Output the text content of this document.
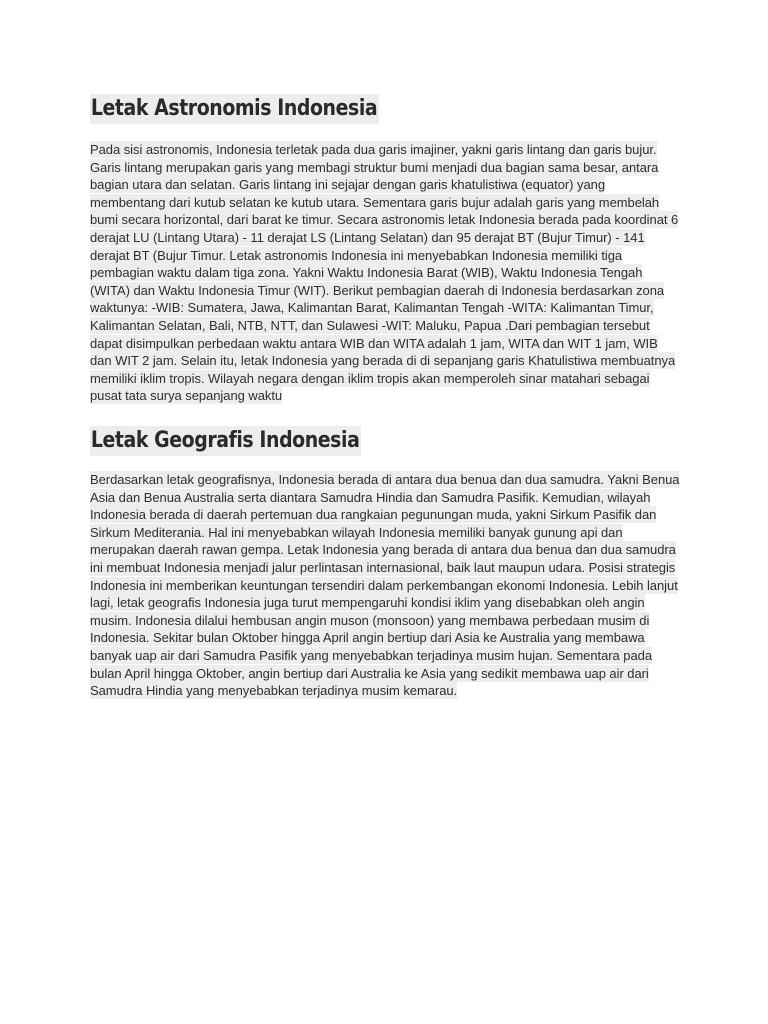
Letak Astronomis Indonesia

Pada sisi astronomis, Indonesia terletak pada dua garis imajiner, yakni garis lintang dan garis bujur. Garis lintang merupakan garis yang membagi struktur bumi menjadi dua bagian sama besar, antara bagian utara dan selatan. Garis lintang ini sejajar dengan garis khatulistiwa (equator) yang membentang dari kutub selatan ke kutub utara. Sementara garis bujur adalah garis yang membelah bumi secara horizontal, dari barat ke timur. Secara astronomis letak Indonesia berada pada koordinat 6 derajat LU (Lintang Utara) - 11 derajat LS (Lintang Selatan) dan 95 derajat BT (Bujur Timur) - 141 derajat BT (Bujur Timur. Letak astronomis Indonesia ini menyebabkan Indonesia memiliki tiga pembagian waktu dalam tiga zona. Yakni Waktu Indonesia Barat (WIB), Waktu Indonesia Tengah (WITA) dan Waktu Indonesia Timur (WIT). Berikut pembagian daerah di Indonesia berdasarkan zona waktunya: -WIB: Sumatera, Jawa, Kalimantan Barat, Kalimantan Tengah -WITA: Kalimantan Timur, Kalimantan Selatan, Bali, NTB, NTT, dan Sulawesi -WIT: Maluku, Papua .Dari pembagian tersebut dapat disimpulkan perbedaan waktu antara WIB dan WITA adalah 1 jam, WITA dan WIT 1 jam, WIB dan WIT 2 jam. Selain itu, letak Indonesia yang berada di di sepanjang garis Khatulistiwa membuatnya memiliki iklim tropis. Wilayah negara dengan iklim tropis akan memperoleh sinar matahari sebagai pusat tata surya sepanjang waktu

Letak Geografis Indonesia

Berdasarkan letak geografisnya, Indonesia berada di antara dua benua dan dua samudra. Yakni Benua Asia dan Benua Australia serta diantara Samudra Hindia dan Samudra Pasifik. Kemudian, wilayah Indonesia berada di daerah pertemuan dua rangkaian pegunungan muda, yakni Sirkum Pasifik dan Sirkum Mediterania. Hal ini menyebabkan wilayah Indonesia memiliki banyak gunung api dan merupakan daerah rawan gempa. Letak Indonesia yang berada di antara dua benua dan dua samudra ini membuat Indonesia menjadi jalur perlintasan internasional, baik laut maupun udara. Posisi strategis Indonesia ini memberikan keuntungan tersendiri dalam perkembangan ekonomi Indonesia. Lebih lanjut lagi, letak geografis Indonesia juga turut mempengaruhi kondisi iklim yang disebabkan oleh angin musim. Indonesia dilalui hembusan angin muson (monsoon) yang membawa perbedaan musim di Indonesia. Sekitar bulan Oktober hingga April angin bertiup dari Asia ke Australia yang membawa banyak uap air dari Samudra Pasifik yang menyebabkan terjadinya musim hujan. Sementara pada bulan April hingga Oktober, angin bertiup dari Australia ke Asia yang sedikit membawa uap air dari Samudra Hindia yang menyebabkan terjadinya musim kemarau.
